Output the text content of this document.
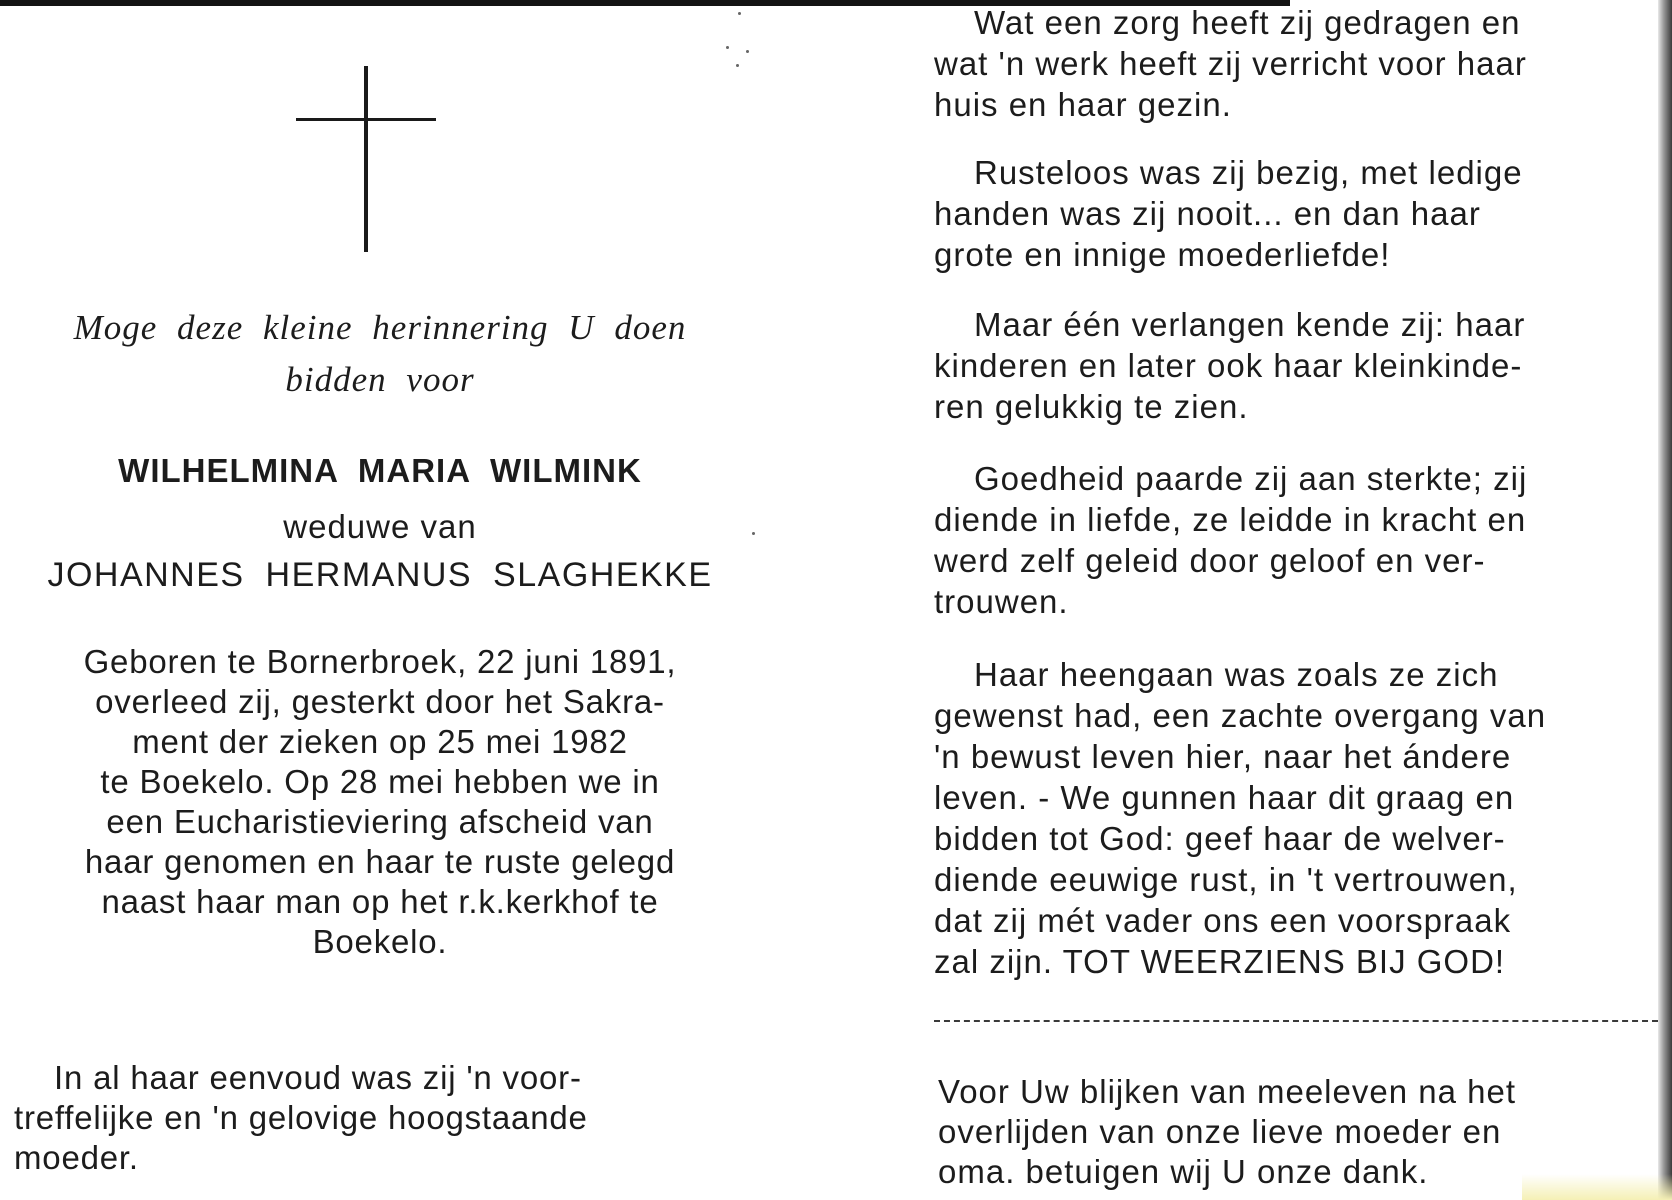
Moge deze kleine herinnering U doen
bidden voor
WILHELMINA MARIA WILMINK
weduwe van
JOHANNES HERMANUS SLAGHEKKE
Geboren te Bornerbroek, 22 juni 1891,
overleed zij, gesterkt door het Sakra-
ment der zieken op 25 mei 1982
te Boekelo. Op 28 mei hebben we in
een Eucharistieviering afscheid van
haar genomen en haar te ruste gelegd
naast haar man op het r.k.kerkhof te
Boekelo.
In al haar eenvoud was zij 'n voor-
treffelijke en 'n gelovige hoogstaande
moeder.
Wat een zorg heeft zij gedragen en
wat 'n werk heeft zij verricht voor haar
huis en haar gezin.
Rusteloos was zij bezig, met ledige
handen was zij nooit... en dan haar
grote en innige moederliefde!
Maar één verlangen kende zij: haar
kinderen en later ook haar kleinkinde-
ren gelukkig te zien.
Goedheid paarde zij aan sterkte; zij
diende in liefde, ze leidde in kracht en
werd zelf geleid door geloof en ver-
trouwen.
Haar heengaan was zoals ze zich
gewenst had, een zachte overgang van
'n bewust leven hier, naar het ándere
leven. - We gunnen haar dit graag en
bidden tot God: geef haar de welver-
diende eeuwige rust, in 't vertrouwen,
dat zij mét vader ons een voorspraak
zal zijn. TOT WEERZIENS BIJ GOD!
Voor Uw blijken van meeleven na het
overlijden van onze lieve moeder en
oma. betuigen wij U onze dank.
